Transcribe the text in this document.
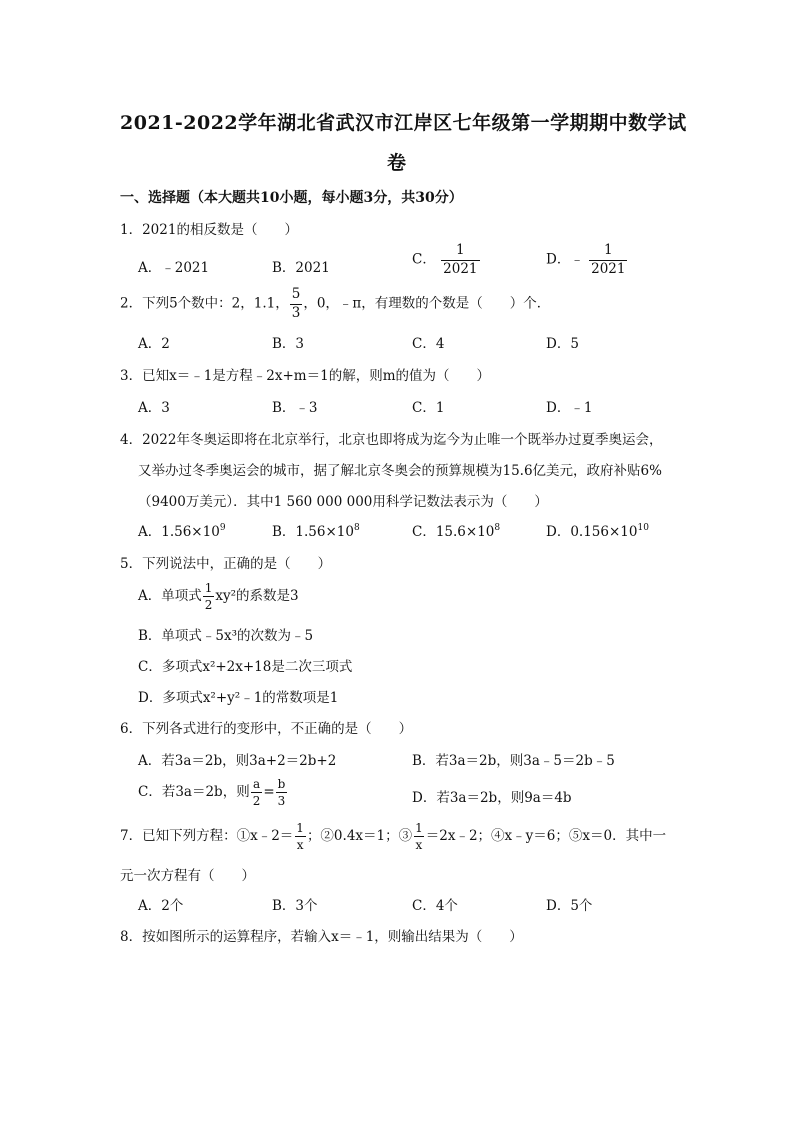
2021-2022学年湖北省武汉市江岸区七年级第一学期期中数学试
卷
一、选择题（本大题共10小题，每小题3分，共30分）
1．2021的相反数是（　　）
A．﹣2021	B．2021
C． $\frac{1}{2021}$	D．﹣ $\frac{1}{2021}$
2．下列5个数中：2，1.1， $\frac{5}{3}$ ，0，﹣π，有理数的个数是（　　）个．
A．2	B．3	C．4	D．5
3．已知x＝﹣1是方程﹣2x+m＝1的解，则m的值为（　　）
A．3	B．﹣3	C．1	D．﹣1
4．2022年冬奥运即将在北京举行，北京也即将成为迄今为止唯一个既举办过夏季奥运会，
又举办过冬季奥运会的城市，据了解北京冬奥会的预算规模为15.6亿美元，政府补贴6%
（9400万美元）．其中1 560 000 000用科学记数法表示为（　　）
A．$1.56\times 10^9$	B．$1.56\times 10^8$	C．$15.6\times 10^8$	D．$0.156\times 10^{10}$
5．下列说法中，正确的是（　　）
A．单项式 $\frac{1}{2} xy^2$的系数是3
B．单项式﹣5x³的次数为﹣5
C．多项式x²+2x+18是二次三项式
D．多项式x²+y²﹣1的常数项是1
6．下列各式进行的变形中，不正确的是（　　）
A．若3a＝2b，则3a+2＝2b+2	B．若3a＝2b，则3a﹣5＝2b﹣5
C．若3a＝2b，则 $\frac{a}{2} = \frac{b}{3}$	D．若3a＝2b，则9a＝4b
7．已知下列方程：①x﹣2＝ $\frac{1}{x}$ ；②0.4x＝1；③ $\frac{1}{x}$ ＝2x﹣2；④x﹣y＝6；⑤x＝0．其中一
元一次方程有（　　）
A．2个	B．3个	C．4个	D．5个
8．按如图所示的运算程序，若输入x＝﹣1，则输出结果为（　　）
